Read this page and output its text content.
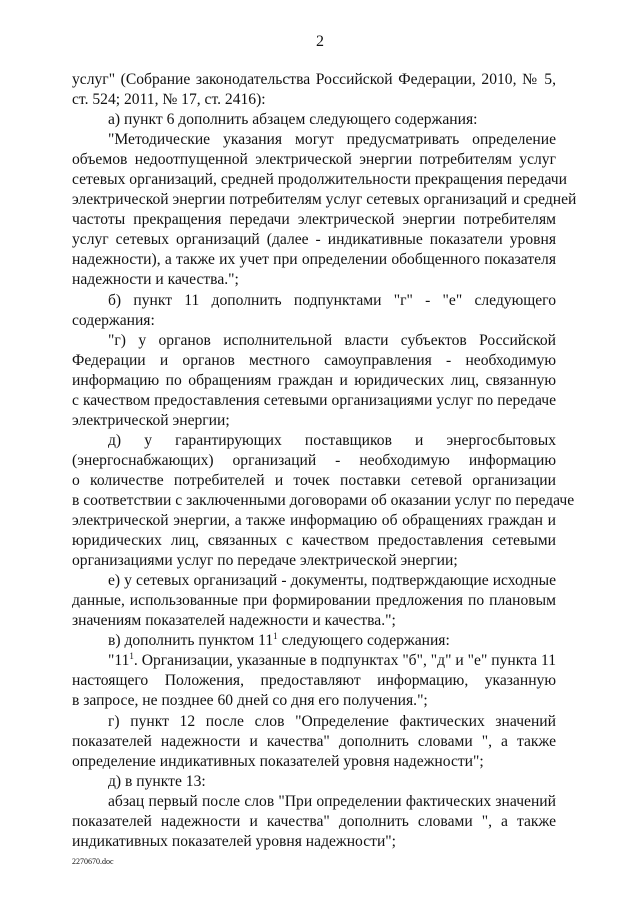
2
услуг" (Собрание законодательства Российской Федерации, 2010, № 5,
ст. 524; 2011, № 17, ст. 2416):
а) пункт 6 дополнить абзацем следующего содержания:
"Методические указания могут предусматривать определение
объемов недоотпущенной электрической энергии потребителям услуг
сетевых организаций, средней продолжительности прекращения передачи
электрической энергии потребителям услуг сетевых организаций и средней
частоты прекращения передачи электрической энергии потребителям
услуг сетевых организаций (далее - индикативные показатели уровня
надежности), а также их учет при определении обобщенного показателя
надежности и качества.";
б) пункт 11 дополнить подпунктами "г" - "е" следующего
содержания:
"г) у органов исполнительной власти субъектов Российской
Федерации и органов местного самоуправления - необходимую
информацию по обращениям граждан и юридических лиц, связанную
с качеством предоставления сетевыми организациями услуг по передаче
электрической энергии;
д) у гарантирующих поставщиков и энергосбытовых
(энергоснабжающих) организаций - необходимую информацию
о количестве потребителей и точек поставки сетевой организации
в соответствии с заключенными договорами об оказании услуг по передаче
электрической энергии, а также информацию об обращениях граждан и
юридических лиц, связанных с качеством предоставления сетевыми
организациями услуг по передаче электрической энергии;
е) у сетевых организаций - документы, подтверждающие исходные
данные, использованные при формировании предложения по плановым
значениям показателей надежности и качества.";
в) дополнить пунктом $11^1$ следующего содержания:
"$11^1$. Организации, указанные в подпунктах "б", "д" и "е" пункта 11
настоящего Положения, предоставляют информацию, указанную
в запросе, не позднее 60 дней со дня его получения.";
г) пункт 12 после слов "Определение фактических значений
показателей надежности и качества" дополнить словами ", а также
определение индикативных показателей уровня надежности";
д) в пункте 13:
абзац первый после слов "При определении фактических значений
показателей надежности и качества" дополнить словами ", а также
индикативных показателей уровня надежности";
2270670.doc
